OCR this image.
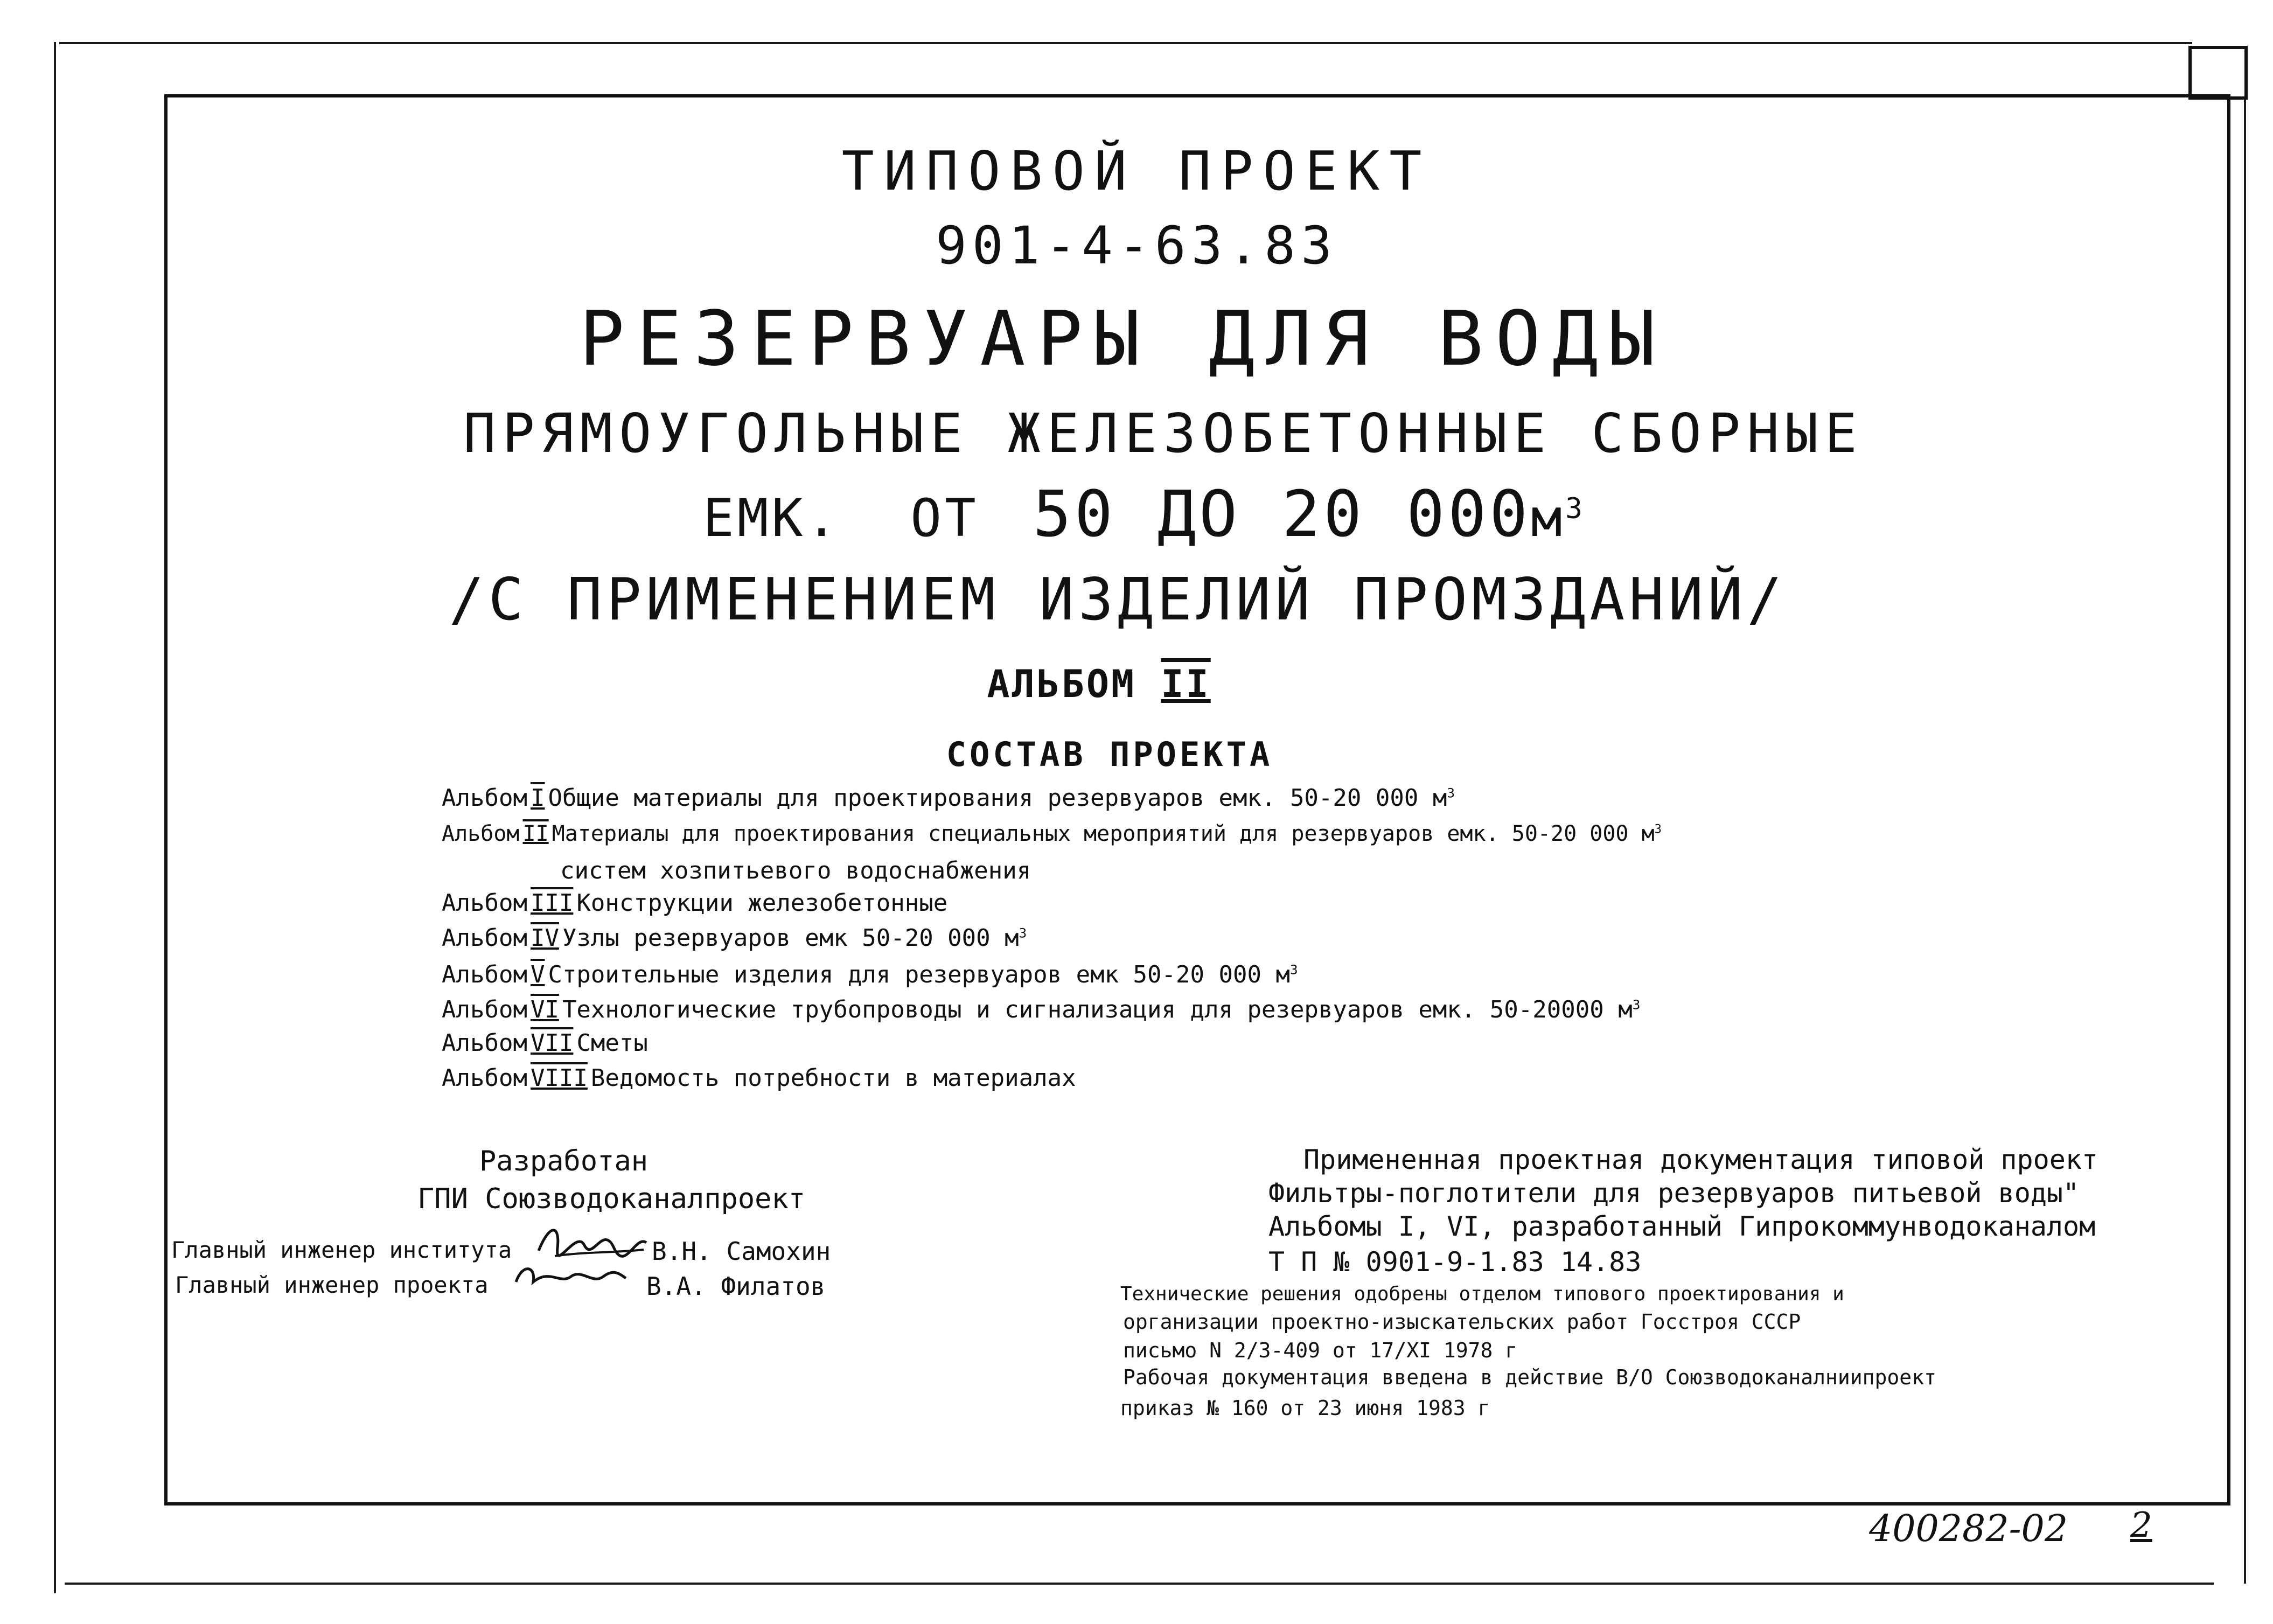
ТИПОВОЙ ПРОЕКТ
901-4-63.83
РЕЗЕРВУАРЫ ДЛЯ ВОДЫ
ПРЯМОУГОЛЬНЫЕ ЖЕЛЕЗОБЕТОННЫЕ СБОРНЫЕ
ЕМК. ОТ 50 ДО 20 $000м^3$
/С ПРИМЕНЕНИЕМ ИЗДЕЛИЙ ПРОМЗДАНИЙ/
АЛЬБОМ II
СОСТАВ ПРОЕКТА
Альбом I Общие материалы для проектирования резервуаров емк. 50-20 000 $м^3$
Альбом II Материалы для проектирования специальных мероприятий для резервуаров емк. 50-20 000 $м^3$
систем хозпитьевого водоснабжения
Альбом III Конструкции железобетонные
Альбом IV Узлы резервуаров емк 50-20 000 $м^3$
Альбом V Строительные изделия для резервуаров емк 50-20 000 $м^3$
Альбом VI Технологические трубопроводы и сигнализация для резервуаров емк. 50-20000 $м^3$
Альбом VII Сметы
Альбом VIII Ведомость потребности в материалах
Разработан
ГПИ Союзводоканалпроект
Главный инженер института	В.Н. Самохин
Главный инженер проекта	В.А. Филатов
Примененная проектная документация типовой проект
Фильтры-поглотители для резервуаров питьевой воды"
Альбомы I, VI, разработанный Гипрокоммунводоканалом
Т П № 0901-9-1.83 14.83
Технические решения одобрены отделом типового проектирования и
организации проектно-изыскательских работ Госстроя СССР
письмо N 2/3-409 от 17/XI 1978 г
Рабочая документация введена в действие В/О Союзводоканалниипроект
приказ № 160 от 23 июня 1983 г
400282-02 2
